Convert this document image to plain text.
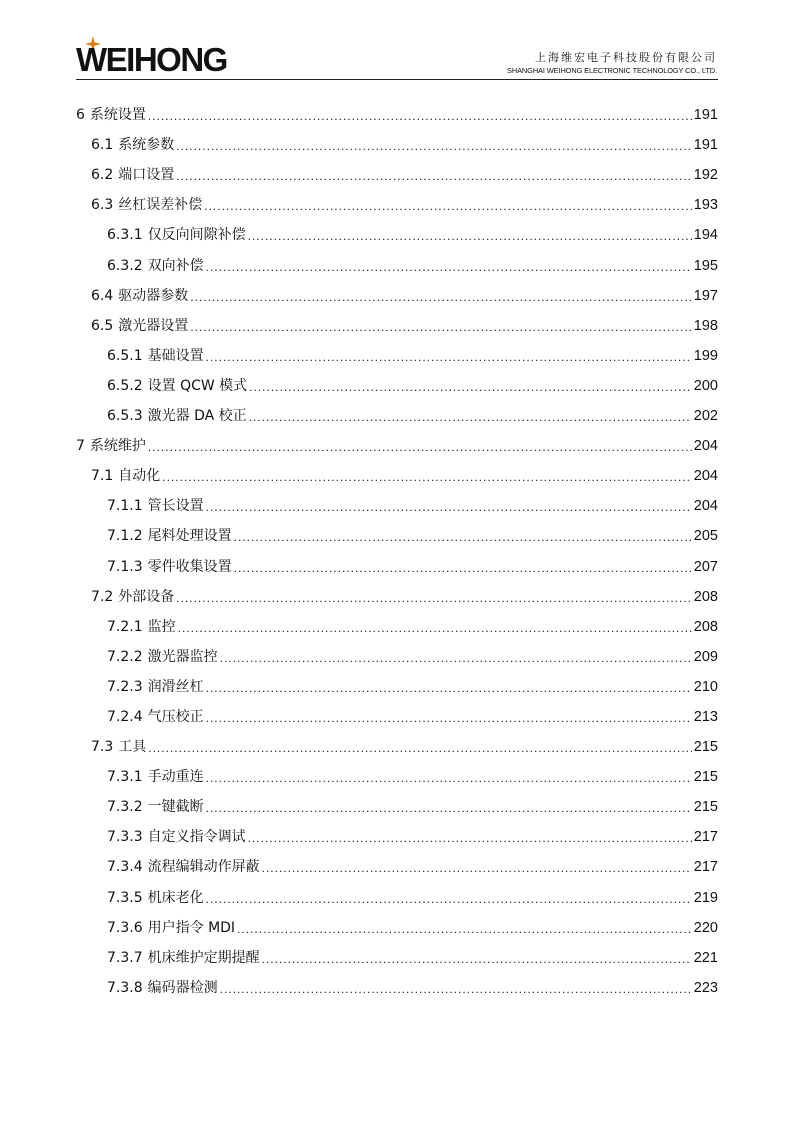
WEIHONG	上海维宏电子科技股份有限公司
SHANGHAI WEIHONG ELECTRONIC TECHNOLOGY CO., LTD.
6 系统设置 .....	191
6.1 系统参数 .....	191
6.2 端口设置 .....	192
6.3 丝杠误差补偿 .....	193
6.3.1 仅反向间隙补偿 .....	194
6.3.2 双向补偿 .....	195
6.4 驱动器参数 .....	197
6.5 激光器设置 .....	198
6.5.1 基础设置 .....	199
6.5.2 设置 QCW 模式 .....	200
6.5.3 激光器 DA 校正 .....	202
7 系统维护 .....	204
7.1 自动化 .....	204
7.1.1 管长设置 .....	204
7.1.2 尾料处理设置 .....	205
7.1.3 零件收集设置 .....	207
7.2 外部设备 .....	208
7.2.1 监控 .....	208
7.2.2 激光器监控 .....	209
7.2.3 润滑丝杠 .....	210
7.2.4 气压校正 .....	213
7.3 工具 .....	215
7.3.1 手动重连 .....	215
7.3.2 一键截断 .....	215
7.3.3 自定义指令调试 .....	217
7.3.4 流程编辑动作屏蔽 .....	217
7.3.5 机床老化 .....	219
7.3.6 用户指令 MDI .....	220
7.3.7 机床维护定期提醒 .....	221
7.3.8 编码器检测 .....	223
